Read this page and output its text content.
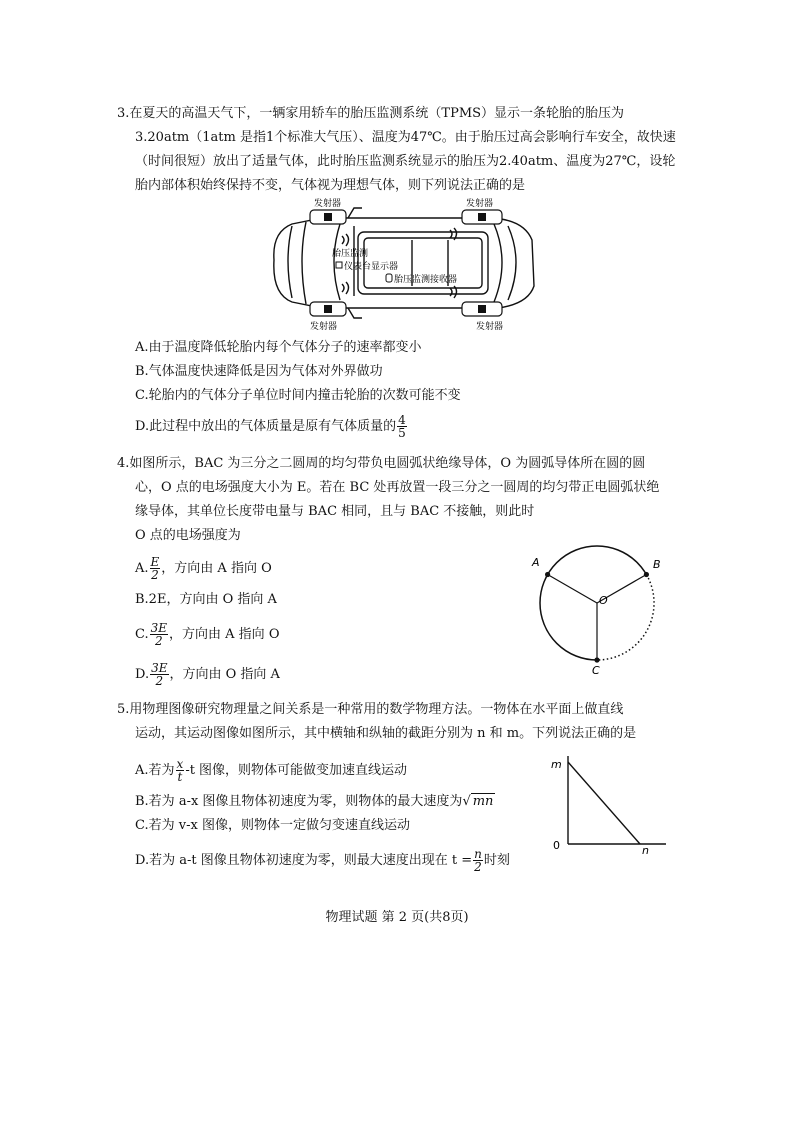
3.在夏天的高温天气下，一辆家用轿车的胎压监测系统（TPMS）显示一条轮胎的胎压为
3.20atm（1atm 是指1个标准大气压）、温度为47℃。由于胎压过高会影响行车安全，故快速
（时间很短）放出了适量气体，此时胎压监测系统显示的胎压为2.40atm、温度为27℃，设轮
胎内部体积始终保持不变，气体视为理想气体，则下列说法正确的是
发射器	发射器
发射器	发射器
胎压监测
仪表台显示器
胎压监测接收器
A.由于温度降低轮胎内每个气体分子的速率都变小
B.气体温度快速降低是因为气体对外界做功
C.轮胎内的气体分子单位时间内撞击轮胎的次数可能不变
D.此过程中放出的气体质量是原有气体质量的 $\frac{4}{5}$
4.如图所示，BAC 为三分之二圆周的均匀带负电圆弧状绝缘导体，O 为圆弧导体所在圆的圆
心，O 点的电场强度大小为 E。若在 BC 处再放置一段三分之一圆周的均匀带正电圆弧状绝
缘导体，其单位长度带电量与 BAC 相同，且与 BAC 不接触，则此时
O 点的电场强度为
A. $\frac{E}{2}$ ，方向由 A 指向 O
B.2E，方向由 O 指向 A
C. $\frac{3E}{2}$ ，方向由 A 指向 O
D. $\frac{3E}{2}$ ，方向由 O 指向 A
A	B
C
O
5.用物理图像研究物理量之间关系是一种常用的数学物理方法。一物体在水平面上做直线
运动，其运动图像如图所示，其中横轴和纵轴的截距分别为 n 和 m。下列说法正确的是
A.若为 $\frac{x}{t} -t$ 图像，则物体可能做变加速直线运动
B.若为 a-x 图像且物体初速度为零，则物体的最大速度为√ mn
C.若为 v-x 图像，则物体一定做匀变速直线运动
D.若为 a-t 图像且物体初速度为零，则最大速度出现在 $t = \frac{n}{2}$ 时刻
m
n
0
物理试题 第 2 页(共8页)
